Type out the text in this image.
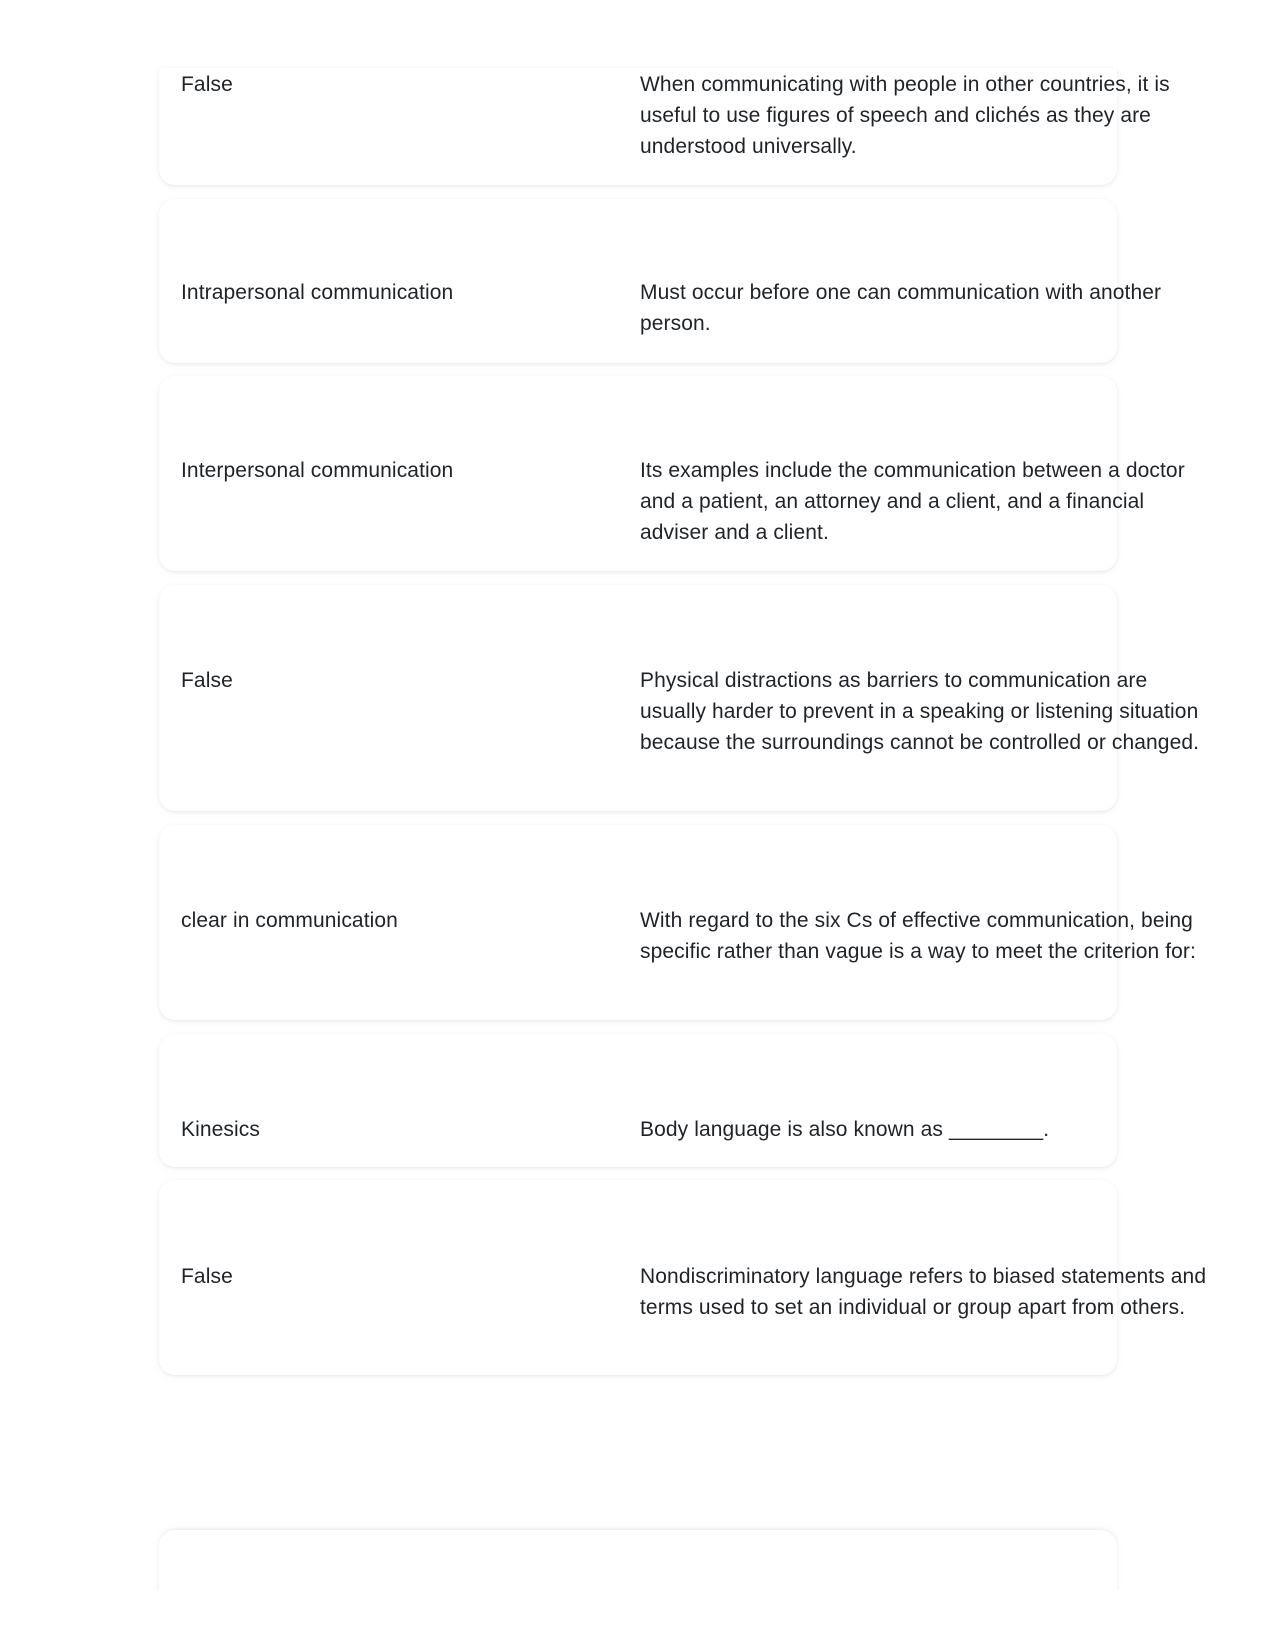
False	When communicating with people in other countries, it is useful to use figures of speech and clichés as they are understood universally.
Intrapersonal communication	Must occur before one can communication with another person.
Interpersonal communication	Its examples include the communication between a doctor and a patient, an attorney and a client, and a financial adviser and a client.
False	Physical distractions as barriers to communication are usually harder to prevent in a speaking or listening situation because the surroundings cannot be controlled or changed.
clear in communication	With regard to the six Cs of effective communication, being specific rather than vague is a way to meet the criterion for:
Kinesics	Body language is also known as ________.
False	Nondiscriminatory language refers to biased statements and terms used to set an individual or group apart from others.
